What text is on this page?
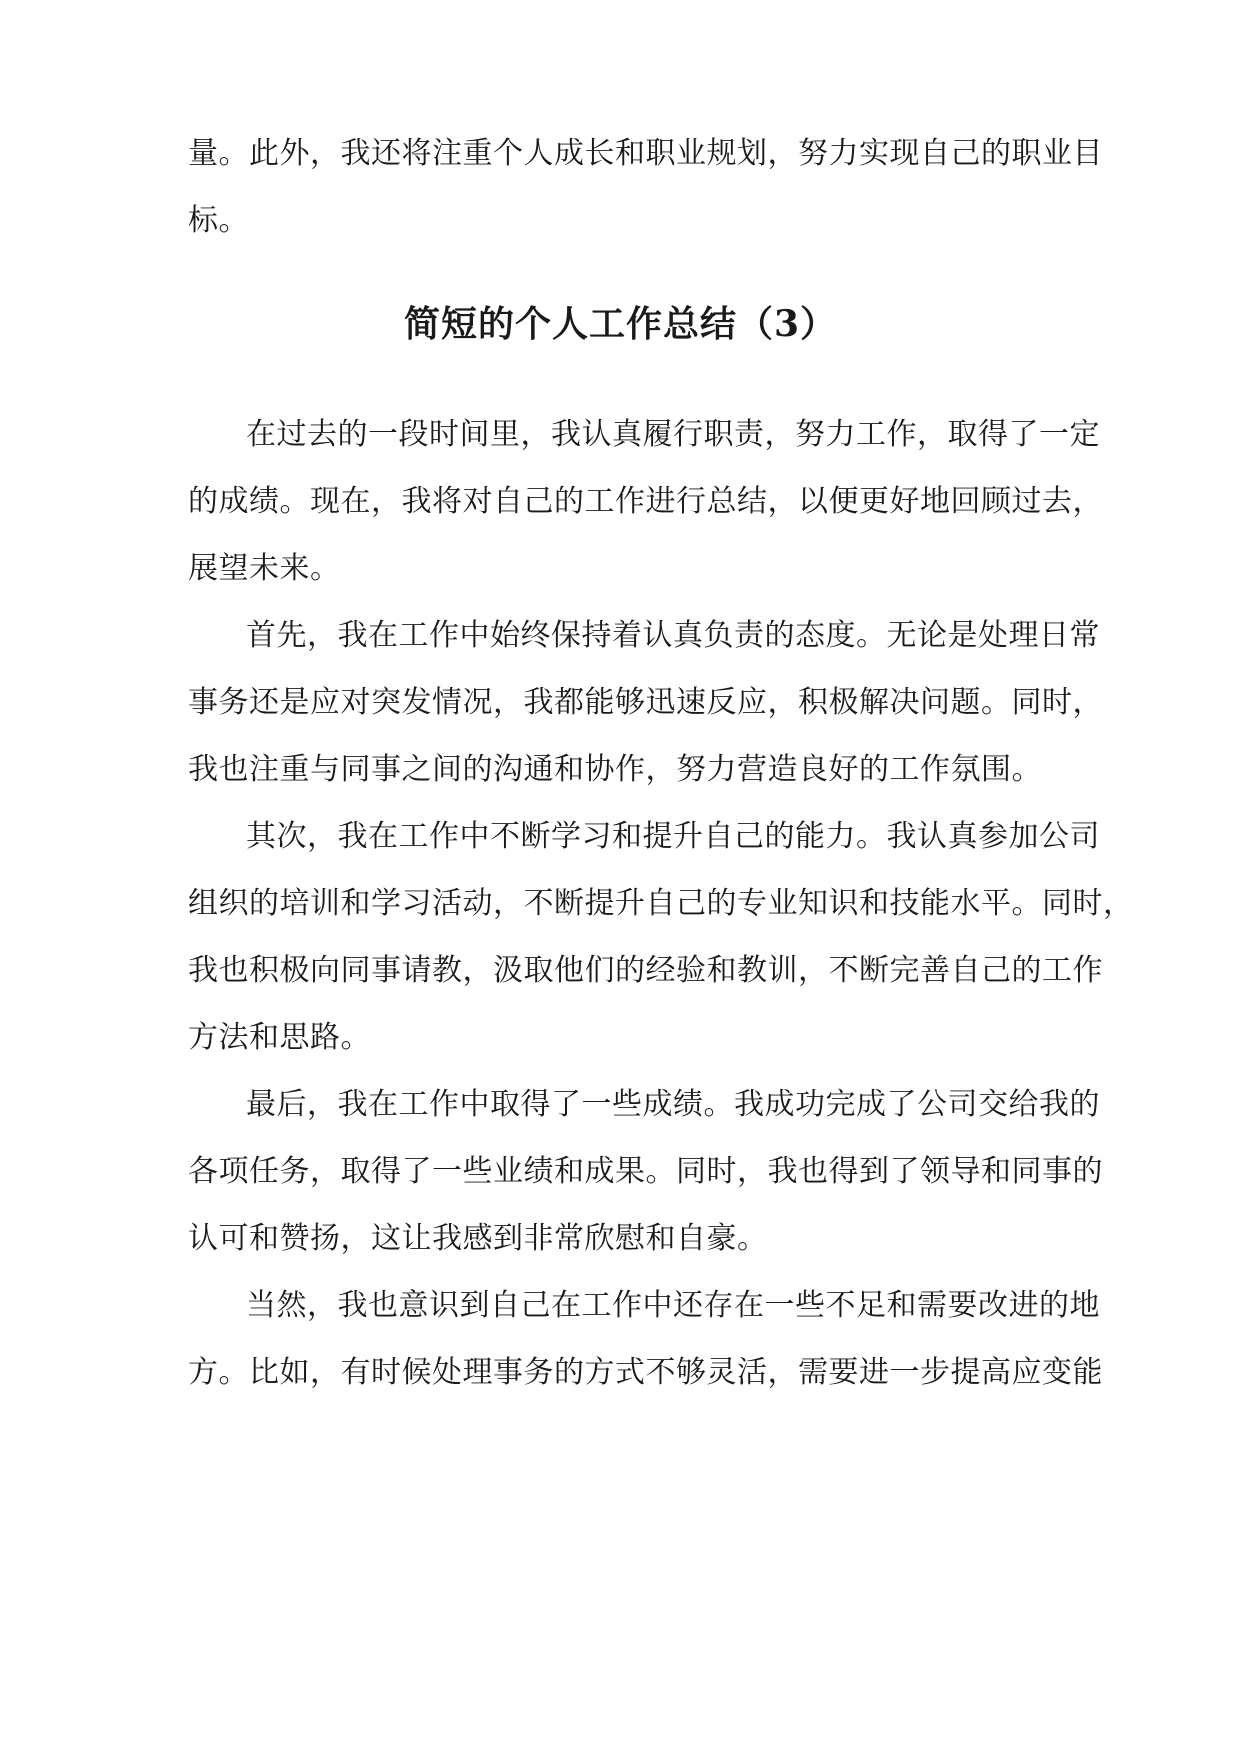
量。此外，我还将注重个人成长和职业规划，努力实现自己的职业目
标。
简短的个人工作总结（3）
在过去的一段时间里，我认真履行职责，努力工作，取得了一定
的成绩。现在，我将对自己的工作进行总结，以便更好地回顾过去，
展望未来。
首先，我在工作中始终保持着认真负责的态度。无论是处理日常
事务还是应对突发情况，我都能够迅速反应，积极解决问题。同时，
我也注重与同事之间的沟通和协作，努力营造良好的工作氛围。
其次，我在工作中不断学习和提升自己的能力。我认真参加公司
组织的培训和学习活动，不断提升自己的专业知识和技能水平。同时，
我也积极向同事请教，汲取他们的经验和教训，不断完善自己的工作
方法和思路。
最后，我在工作中取得了一些成绩。我成功完成了公司交给我的
各项任务，取得了一些业绩和成果。同时，我也得到了领导和同事的
认可和赞扬，这让我感到非常欣慰和自豪。
当然，我也意识到自己在工作中还存在一些不足和需要改进的地
方。比如，有时候处理事务的方式不够灵活，需要进一步提高应变能
